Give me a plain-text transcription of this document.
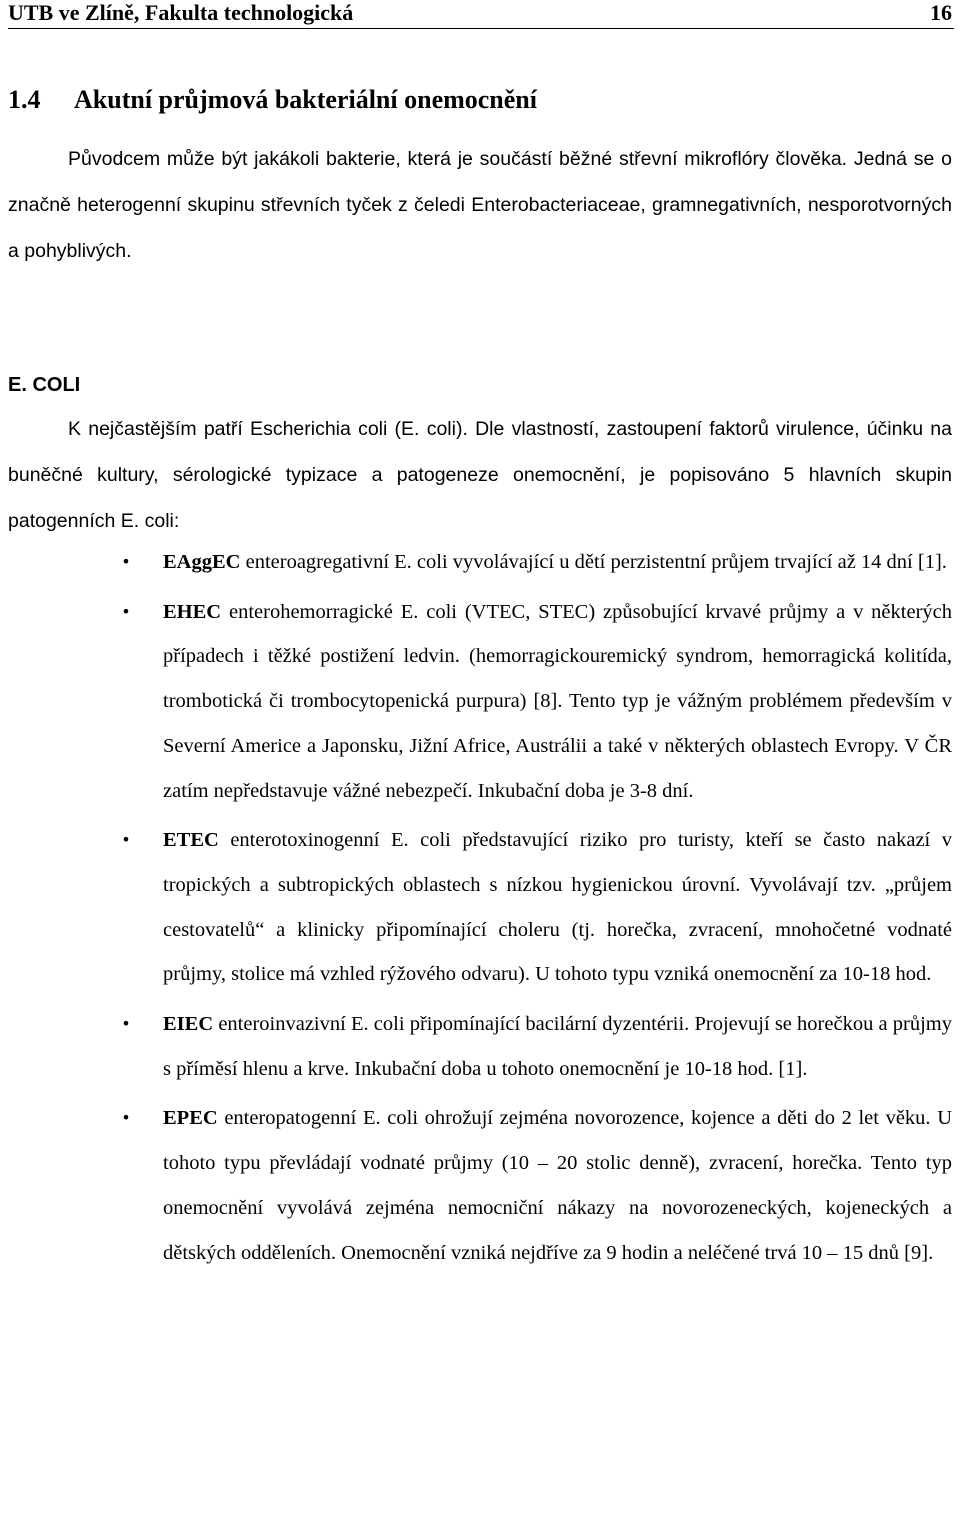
UTB ve Zlíně, Fakulta technologická	16
1.4 Akutní průjmová bakteriální onemocnění

Původcem může být jakákoli bakterie, která je součástí běžné střevní mikroflóry člověka. Jedná se o značně heterogenní skupinu střevních tyček z čeledi Enterobacteriaceae, gramnegativních, nesporotvorných a pohyblivých.

E. COLI

K nejčastějším patří Escherichia coli (E. coli). Dle vlastností, zastoupení faktorů virulence, účinku na buněčné kultury, sérologické typizace a patogeneze onemocnění, je popisováno 5 hlavních skupin patogenních E. coli:

• EAggEC enteroagregativní E. coli vyvolávající u dětí perzistentní průjem trvající až 14 dní [1].
• EHEC enterohemorragické E. coli (VTEC, STEC) způsobující krvavé průjmy a v některých případech i těžké postižení ledvin. (hemorragickouremický syndrom, hemorragická kolitída, trombotická či trombocytopenická purpura) [8]. Tento typ je vážným problémem především v Severní Americe a Japonsku, Jižní Africe, Austrálii a také v některých oblastech Evropy. V ČR zatím nepředstavuje vážné nebezpečí. Inkubační doba je 3-8 dní.
• ETEC enterotoxinogenní E. coli představující riziko pro turisty, kteří se často nakazí v tropických a subtropických oblastech s nízkou hygienickou úrovní. Vyvolávají tzv. „průjem cestovatelů“ a klinicky připomínající choleru (tj. horečka, zvracení, mnohočetné vodnaté průjmy, stolice má vzhled rýžového odvaru). U tohoto typu vzniká onemocnění za 10-18 hod.
• EIEC enteroinvazivní E. coli připomínající bacilární dyzentérii. Projevují se horečkou a průjmy s příměsí hlenu a krve. Inkubační doba u tohoto onemocnění je 10-18 hod. [1].
• EPEC enteropatogenní E. coli ohrožují zejména novorozence, kojence a děti do 2 let věku. U tohoto typu převládají vodnaté průjmy (10 – 20 stolic denně), zvracení, horečka. Tento typ onemocnění vyvolává zejména nemocniční nákazy na novorozeneckých, kojeneckých a dětských odděleních. Onemocnění vzniká nejdříve za 9 hodin a neléčené trvá 10 – 15 dnů [9].
